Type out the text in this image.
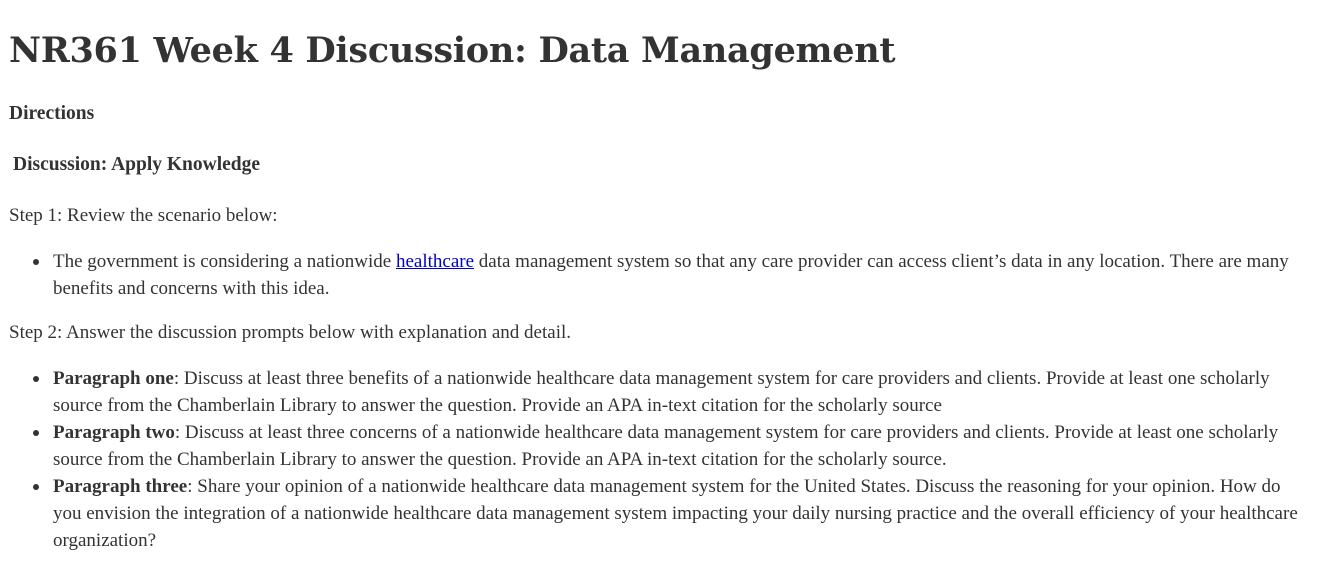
NR361 Week 4 Discussion: Data Management

Directions

Discussion: Apply Knowledge

Step 1: Review the scenario below:

The government is considering a nationwide healthcare data management system so that any care provider can access client’s data in any location. There are many benefits and concerns with this idea.

Step 2: Answer the discussion prompts below with explanation and detail.

Paragraph one: Discuss at least three benefits of a nationwide healthcare data management system for care providers and clients. Provide at least one scholarly source from the Chamberlain Library to answer the question. Provide an APA in-text citation for the scholarly source
Paragraph two: Discuss at least three concerns of a nationwide healthcare data management system for care providers and clients. Provide at least one scholarly source from the Chamberlain Library to answer the question. Provide an APA in-text citation for the scholarly source.
Paragraph three: Share your opinion of a nationwide healthcare data management system for the United States. Discuss the reasoning for your opinion. How do you envision the integration of a nationwide healthcare data management system impacting your daily nursing practice and the overall efficiency of your healthcare organization?
